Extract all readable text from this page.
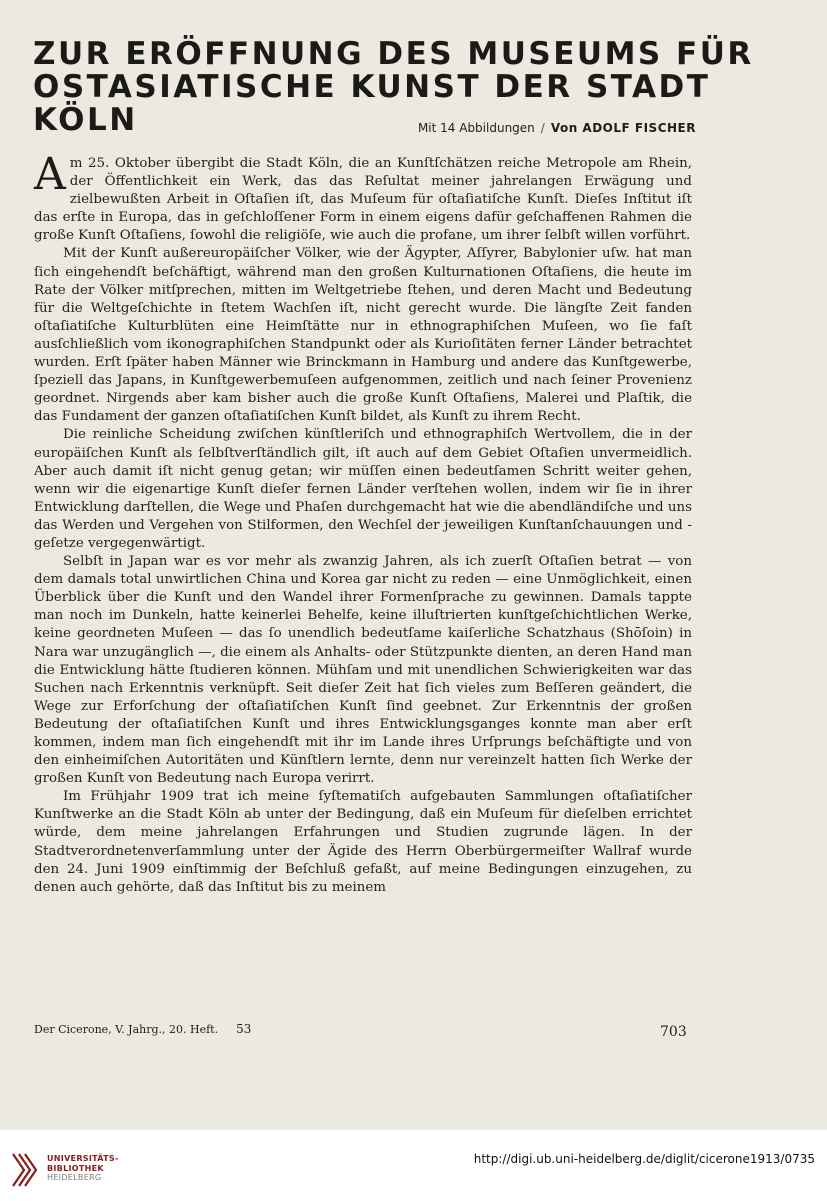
ZUR ERÖFFNUNG DES MUSEUMS FÜR
OSTASIATISCHE KUNST DER STADT
KÖLN	Mit 14 Abbildungen / Von ADOLF FISCHER

Am 25. Oktober übergibt die Stadt Köln, die an Kunſtſchätzen reiche Metropole am Rhein, der Öffentlichkeit ein Werk, das das Reſultat meiner jahrelangen Erwägung und zielbewußten Arbeit in Oſtaſien iſt, das Muſeum für oſtaſiatiſche Kunſt. Dieſes Inſtitut iſt das erſte in Europa, das in geſchloſſener Form in einem eigens dafür geſchaffenen Rahmen die große Kunſt Oſtaſiens, ſowohl die religiöſe, wie auch die profane, um ihrer ſelbſt willen vorführt.

Mit der Kunſt außereuropäiſcher Völker, wie der Ägypter, Aſſyrer, Babylonier uſw. hat man ſich eingehendſt beſchäftigt, während man den großen Kulturnationen Oſtaſiens, die heute im Rate der Völker mitſprechen, mitten im Weltgetriebe ſtehen, und deren Macht und Bedeutung für die Weltgeſchichte in ſtetem Wachſen iſt, nicht gerecht wurde. Die längſte Zeit fanden oſtaſiatiſche Kulturblüten eine Heimſtätte nur in ethnographiſchen Muſeen, wo ſie faſt ausſchließlich vom ikonographiſchen Standpunkt oder als Kurioſitäten ferner Länder betrachtet wurden. Erſt ſpäter haben Männer wie Brinckmann in Hamburg und andere das Kunſtgewerbe, ſpeziell das Japans, in Kunſtgewerbemuſeen aufgenommen, zeitlich und nach ſeiner Provenienz geordnet. Nirgends aber kam bisher auch die große Kunſt Oſtaſiens, Malerei und Plaſtik, die das Fundament der ganzen oſtaſiatiſchen Kunſt bildet, als Kunſt zu ihrem Recht.

Die reinliche Scheidung zwiſchen künſtleriſch und ethnographiſch Wertvollem, die in der europäiſchen Kunſt als ſelbſtverſtändlich gilt, iſt auch auf dem Gebiet Oſtaſien unvermeidlich. Aber auch damit iſt nicht genug getan; wir müſſen einen bedeutſamen Schritt weiter gehen, wenn wir die eigenartige Kunſt dieſer fernen Länder verſtehen wollen, indem wir ſie in ihrer Entwicklung darſtellen, die Wege und Phaſen durchgemacht hat wie die abendländiſche und uns das Werden und Vergehen von Stilformen, den Wechſel der jeweiligen Kunſtanſchauungen und -geſetze vergegenwärtigt.

Selbſt in Japan war es vor mehr als zwanzig Jahren, als ich zuerſt Oſtaſien betrat — von dem damals total unwirtlichen China und Korea gar nicht zu reden — eine Unmöglichkeit, einen Überblick über die Kunſt und den Wandel ihrer Formenſprache zu gewinnen. Damals tappte man noch im Dunkeln, hatte keinerlei Behelfe, keine illuſtrierten kunſtgeſchichtlichen Werke, keine geordneten Muſeen — das ſo unendlich bedeutſame kaiſerliche Schatzhaus (Shōſoin) in Nara war unzugänglich —, die einem als Anhalts- oder Stützpunkte dienten, an deren Hand man die Entwicklung hätte ſtudieren können. Mühſam und mit unendlichen Schwierigkeiten war das Suchen nach Erkenntnis verknüpft. Seit dieſer Zeit hat ſich vieles zum Beſſeren geändert, die Wege zur Erforſchung der oſtaſiatiſchen Kunſt ſind geebnet. Zur Erkenntnis der großen Bedeutung der oſtaſiatiſchen Kunſt und ihres Entwicklungsganges konnte man aber erſt kommen, indem man ſich eingehendſt mit ihr im Lande ihres Urſprungs beſchäftigte und von den einheimiſchen Autoritäten und Künſtlern lernte, denn nur vereinzelt hatten ſich Werke der großen Kunſt von Bedeutung nach Europa verirrt.

Im Frühjahr 1909 trat ich meine ſyſtematiſch aufgebauten Sammlungen oſtaſiatiſcher Kunſtwerke an die Stadt Köln ab unter der Bedingung, daß ein Muſeum für dieſelben errichtet würde, dem meine jahrelangen Erfahrungen und Studien zugrunde lägen. In der Stadtverordnetenverſammlung unter der Ägide des Herrn Oberbürgermeiſter Wallraf wurde den 24. Juni 1909 einſtimmig der Beſchluß gefaßt, auf meine Bedingungen einzugehen, zu denen auch gehörte, daß das Inſtitut bis zu meinem

Der Cicerone, V. Jahrg., 20. Heft. 53	703
UNIVERSITÄTS-
BIBLIOTHEK
HEIDELBERG
http://digi.ub.uni-heidelberg.de/diglit/cicerone1913/0735
